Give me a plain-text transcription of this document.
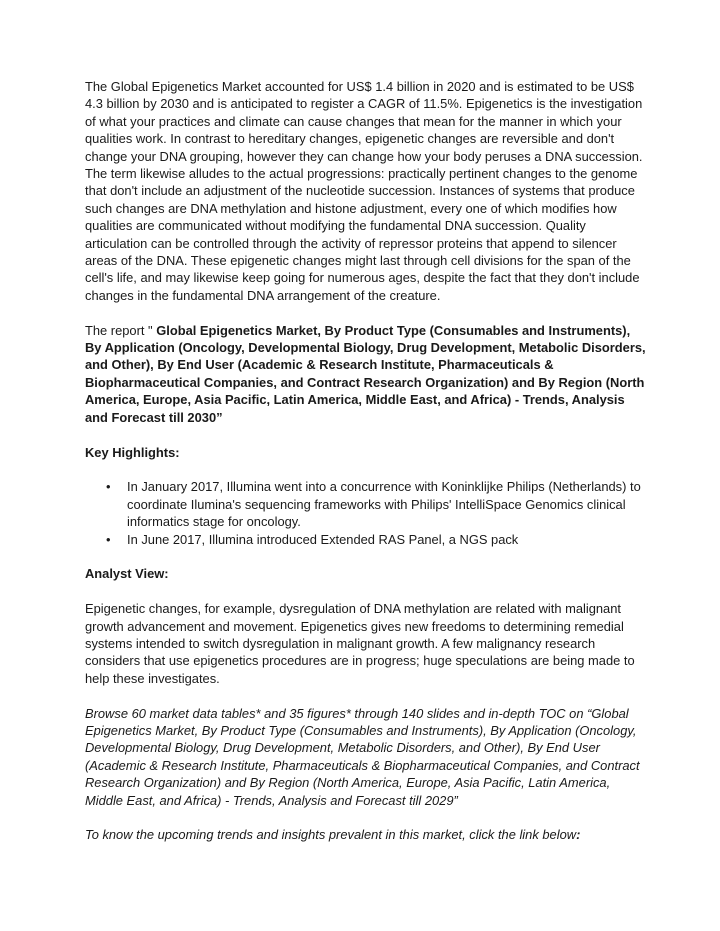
The Global Epigenetics Market accounted for US$ 1.4 billion in 2020 and is estimated to be US$ 4.3 billion by 2030 and is anticipated to register a CAGR of 11.5%. Epigenetics is the investigation of what your practices and climate can cause changes that mean for the manner in which your qualities work. In contrast to hereditary changes, epigenetic changes are reversible and don't change your DNA grouping, however they can change how your body peruses a DNA succession. The term likewise alludes to the actual progressions: practically pertinent changes to the genome that don't include an adjustment of the nucleotide succession. Instances of systems that produce such changes are DNA methylation and histone adjustment, every one of which modifies how qualities are communicated without modifying the fundamental DNA succession. Quality articulation can be controlled through the activity of repressor proteins that append to silencer areas of the DNA. These epigenetic changes might last through cell divisions for the span of the cell's life, and may likewise keep going for numerous ages, despite the fact that they don't include changes in the fundamental DNA arrangement of the creature.

The report " Global Epigenetics Market, By Product Type (Consumables and Instruments), By Application (Oncology, Developmental Biology, Drug Development, Metabolic Disorders, and Other), By End User (Academic & Research Institute, Pharmaceuticals & Biopharmaceutical Companies, and Contract Research Organization) and By Region (North America, Europe, Asia Pacific, Latin America, Middle East, and Africa) - Trends, Analysis and Forecast till 2030”

Key Highlights:

• In January 2017, Illumina went into a concurrence with Koninklijke Philips (Netherlands) to coordinate Ilumina's sequencing frameworks with Philips' IntelliSpace Genomics clinical informatics stage for oncology.
• In June 2017, Illumina introduced Extended RAS Panel, a NGS pack

Analyst View:

Epigenetic changes, for example, dysregulation of DNA methylation are related with malignant growth advancement and movement. Epigenetics gives new freedoms to determining remedial systems intended to switch dysregulation in malignant growth. A few malignancy research considers that use epigenetics procedures are in progress; huge speculations are being made to help these investigates.

Browse 60 market data tables* and 35 figures* through 140 slides and in-depth TOC on “Global Epigenetics Market, By Product Type (Consumables and Instruments), By Application (Oncology, Developmental Biology, Drug Development, Metabolic Disorders, and Other), By End User (Academic & Research Institute, Pharmaceuticals & Biopharmaceutical Companies, and Contract Research Organization) and By Region (North America, Europe, Asia Pacific, Latin America, Middle East, and Africa) - Trends, Analysis and Forecast till 2029”

To know the upcoming trends and insights prevalent in this market, click the link below:
